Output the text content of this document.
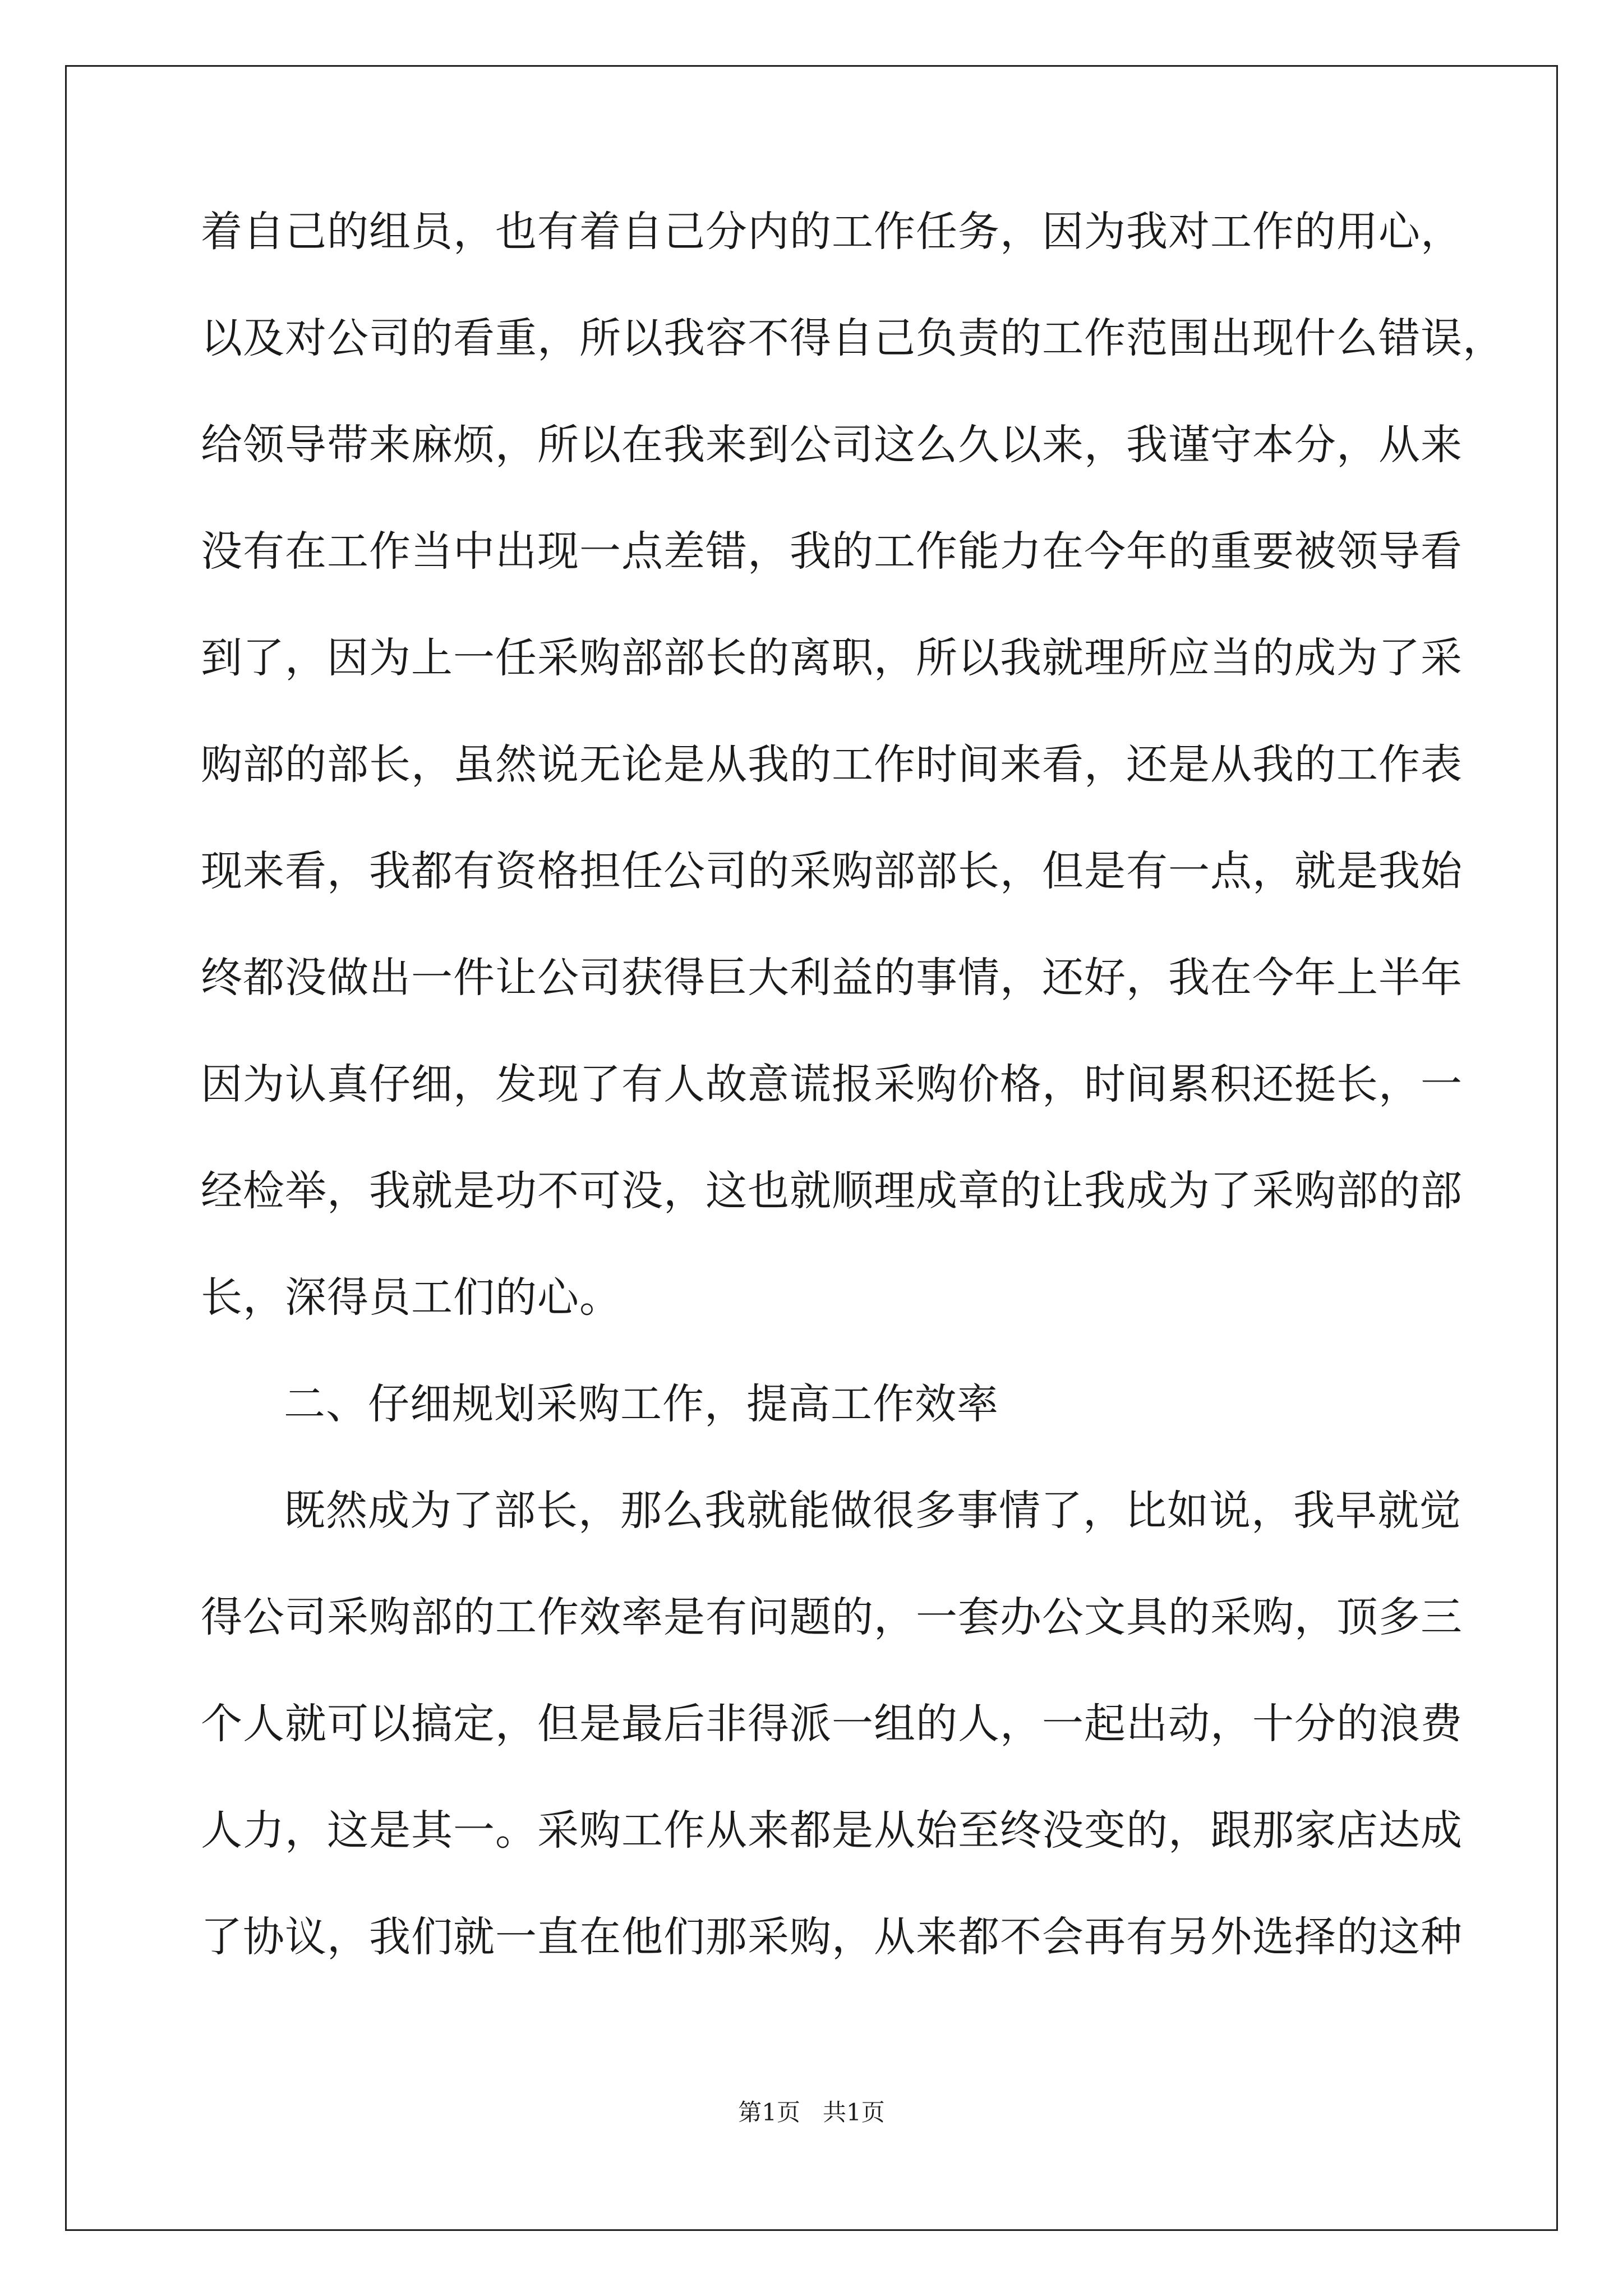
着自己的组员，也有着自己分内的工作任务，因为我对工作的用心，
以及对公司的看重，所以我容不得自己负责的工作范围出现什么错误，
给领导带来麻烦，所以在我来到公司这么久以来，我谨守本分，从来
没有在工作当中出现一点差错，我的工作能力在今年的重要被领导看
到了，因为上一任采购部部长的离职，所以我就理所应当的成为了采
购部的部长，虽然说无论是从我的工作时间来看，还是从我的工作表
现来看，我都有资格担任公司的采购部部长，但是有一点，就是我始
终都没做出一件让公司获得巨大利益的事情，还好，我在今年上半年
因为认真仔细，发现了有人故意谎报采购价格，时间累积还挺长，一
经检举，我就是功不可没，这也就顺理成章的让我成为了采购部的部
长，深得员工们的心。
二、仔细规划采购工作，提高工作效率
既然成为了部长，那么我就能做很多事情了，比如说，我早就觉
得公司采购部的工作效率是有问题的，一套办公文具的采购，顶多三
个人就可以搞定，但是最后非得派一组的人，一起出动，十分的浪费
人力，这是其一。采购工作从来都是从始至终没变的，跟那家店达成
了协议，我们就一直在他们那采购，从来都不会再有另外选择的这种
第1页   共1页
